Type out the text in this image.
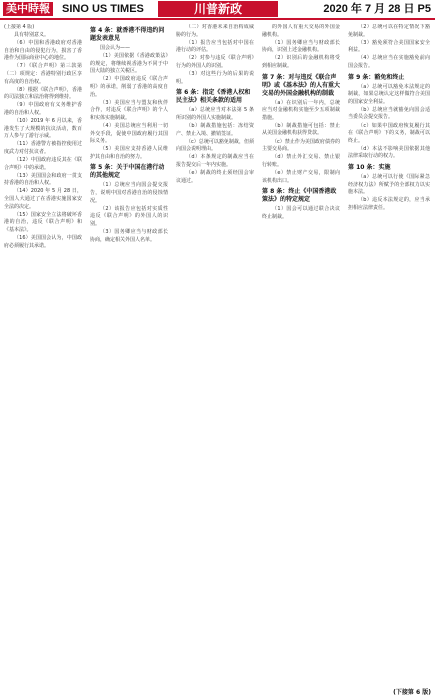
美中時報 SINO US TIMES	川普新政	2020 年 7 月 28 日 P5

(上接第 4 版)

具有特别意义。

（6）中国和香港政府对香港自治和自由的侵犯行为，损害了香港作为国际商业中心的地位。

（7）《联合声明》第三款第（二）项规定：香港特别行政区享有高度的自治权。

（8）根据《联合声明》，香港的司法独立和法治将得到维持。

（9）中国政府有义务维护香港的自治和人权。

（10）2019 年 6 月以来，香港发生了大规模的抗议活动，数百万人参与了游行示威。

（11）香港警方被指控使用过度武力对付抗议者。

（12）中国政府违反其在《联合声明》中的承诺。

（13）美国国会和政府一贯支持香港的自治和人权。

（14）2020 年 5 月 28 日，全国人大通过了在香港实施国家安全法的决定。

（15）国家安全立法将破坏香港的自治，违反《联合声明》和《基本法》。

（16）美国国会认为，中国政府必须履行其承诺。

第 4 条：就香港不得违约问题发表意见

国会认为——

（1）美国依据《香港政策法》的规定，将继续视香港为不同于中国大陆的独立关税区。

（2）中国政府违反《联合声明》的承诺，削弱了香港的高度自治。

（3）美国应当与盟友和伙伴合作，对违反《联合声明》的个人和实体实施制裁。

（4）美国总统应当利用一切外交手段，促使中国政府履行其国际义务。

（5）美国应支持香港人民维护其自由和自治的努力。

第 5 条：关于中国在港行动的其他规定

（1）总统应当向国会提交报告，说明中国对香港自治的侵蚀情况。

（2）该报告应包括对实质性违反《联合声明》的外国人的识别。

（3）国务卿应当与财政部长协商，确定相关外国人名单。

（二）对香港未来自治构成威胁的行为。

（1）报告应当包括对中国在港行动的评估。

（2）对参与违反《联合声明》行为的外国人的识别。

（3）对这些行为的后果的说明。

第 6 条：指定《香港人权和民主法》相关条款的适用

（a）总统应当对本法第 5 条所识别的外国人实施制裁。

（b）制裁措施包括：冻结资产、禁止入境、撤销签证。

（c）总统可以豁免制裁，但须向国会说明理由。

（d）本条规定的制裁应当在报告提交后一年内实施。

（e）制裁的终止须经国会审议通过。

的外国人有重大交易的外国金融机构。

（1）国务卿应当与财政部长协商，识别上述金融机构。

（2）识别后的金融机构将受到相应制裁。

第 7 条：对与违反《联合声明》或《基本法》的人有重大交易的外国金融机构的制裁

（a）在识别后一年内，总统应当对金融机构实施至少五项制裁措施。

（b）制裁措施可包括：禁止从美国金融机构获得贷款。

（c）禁止作为美国政府债券的主要交易商。

（d）禁止外汇交易、禁止银行转账。

（e）禁止财产交易，限制向该机构出口。

第 8 条：终止《中国香港政策法》的特定规定

（1）国会可以通过联合决议终止制裁。

（2）总统可以在特定情况下豁免制裁。

（3）豁免须符合美国国家安全利益。

（4）总统应当在实施豁免前向国会报告。

第 9 条：豁免和终止

（a）总统可以豁免本法规定的制裁，如果总统认定这样做符合美国的国家安全利益。

（b）总统应当就豁免向国会适当委员会提交报告。

（c）如果中国政府恢复履行其在《联合声明》下的义务，制裁可以终止。

（d）本法不影响美国依据其他法律采取行动的权力。

第 10 条：实施

（a）总统可以行使《国际紧急经济权力法》所赋予的全部权力以实施本法。

（b）违反本法规定的，应当承担相应法律责任。

(下接第 6 版)
